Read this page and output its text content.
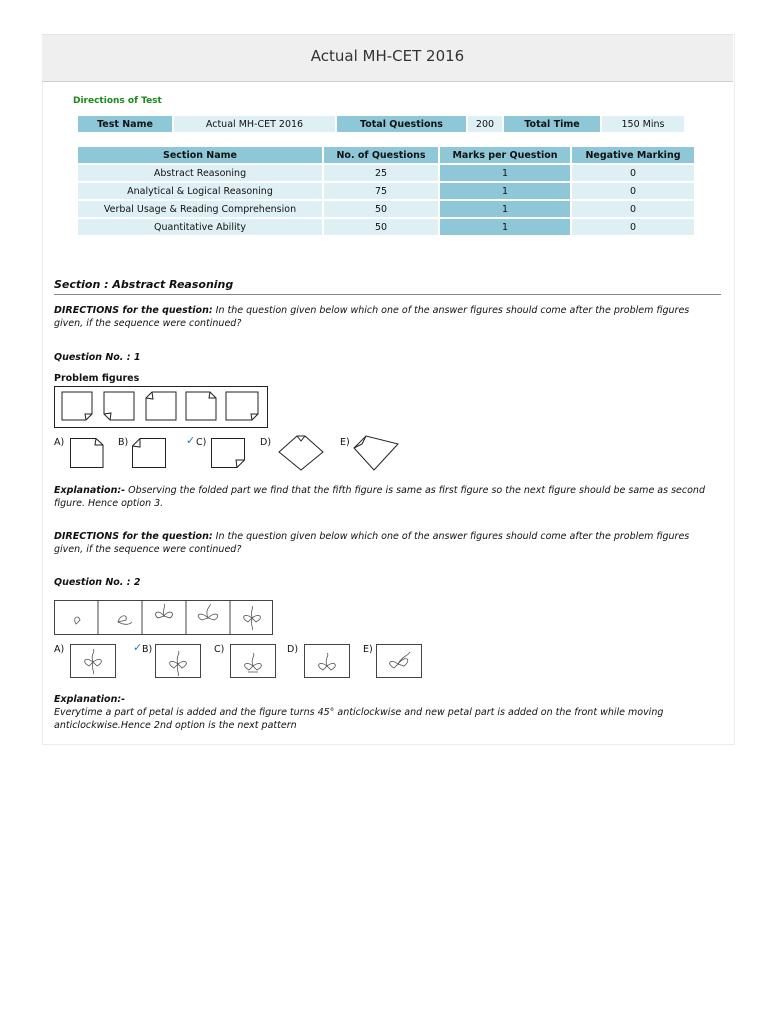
Actual MH-CET 2016
Directions of Test
Test Name	Actual MH-CET 2016	Total Questions	200	Total Time	150 Mins
Section Name	No. of Questions	Marks per Question	Negative Marking
Abstract Reasoning	25	1	0
Analytical & Logical Reasoning	75	1	0
Verbal Usage & Reading Comprehension	50	1	0
Quantitative Ability	50	1	0
Section : Abstract Reasoning
DIRECTIONS for the question: In the question given below which one of the answer figures should come after the problem figures given, if the sequence were continued?
Question No. : 1
Problem figures
A)	B)	✓ C)	D)	E)
Explanation:- Observing the folded part we find that the fifth figure is same as first figure so the next figure should be same as second figure. Hence option 3.
DIRECTIONS for the question: In the question given below which one of the answer figures should come after the problem figures given, if the sequence were continued?
Question No. : 2
A)	✓ B)	C)	D)	E)
Explanation:-
Everytime a part of petal is added and the figure turns 45° anticlockwise and new petal part is added on the front while moving anticlockwise.Hence 2nd option is the next pattern
